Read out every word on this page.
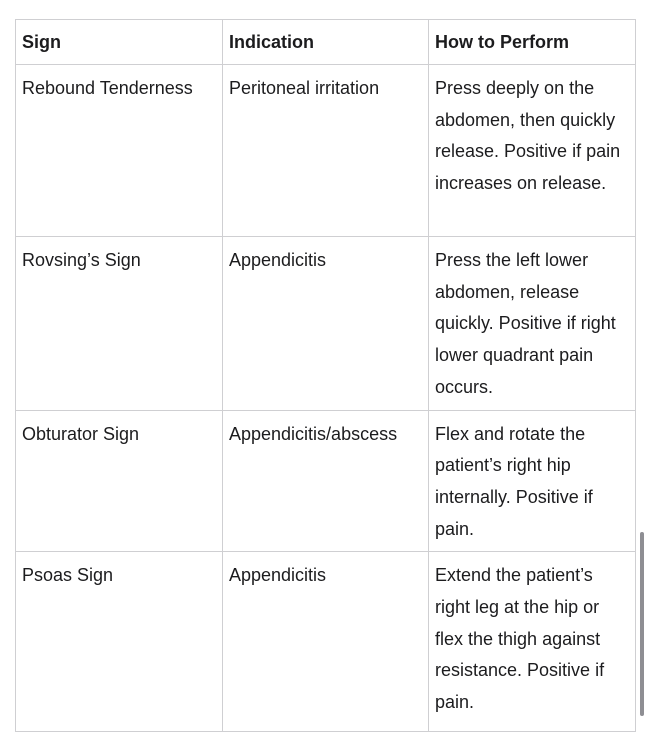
Sign	Indication	How to Perform
Rebound Tenderness	Peritoneal irritation	Press deeply on the abdomen, then quickly release. Positive if pain increases on release.
Rovsing’s Sign	Appendicitis	Press the left lower abdomen, release quickly. Positive if right lower quadrant pain occurs.
Obturator Sign	Appendicitis/abscess	Flex and rotate the patient’s right hip internally. Positive if pain.
Psoas Sign	Appendicitis	Extend the patient’s right leg at the hip or flex the thigh against resistance. Positive if pain.
